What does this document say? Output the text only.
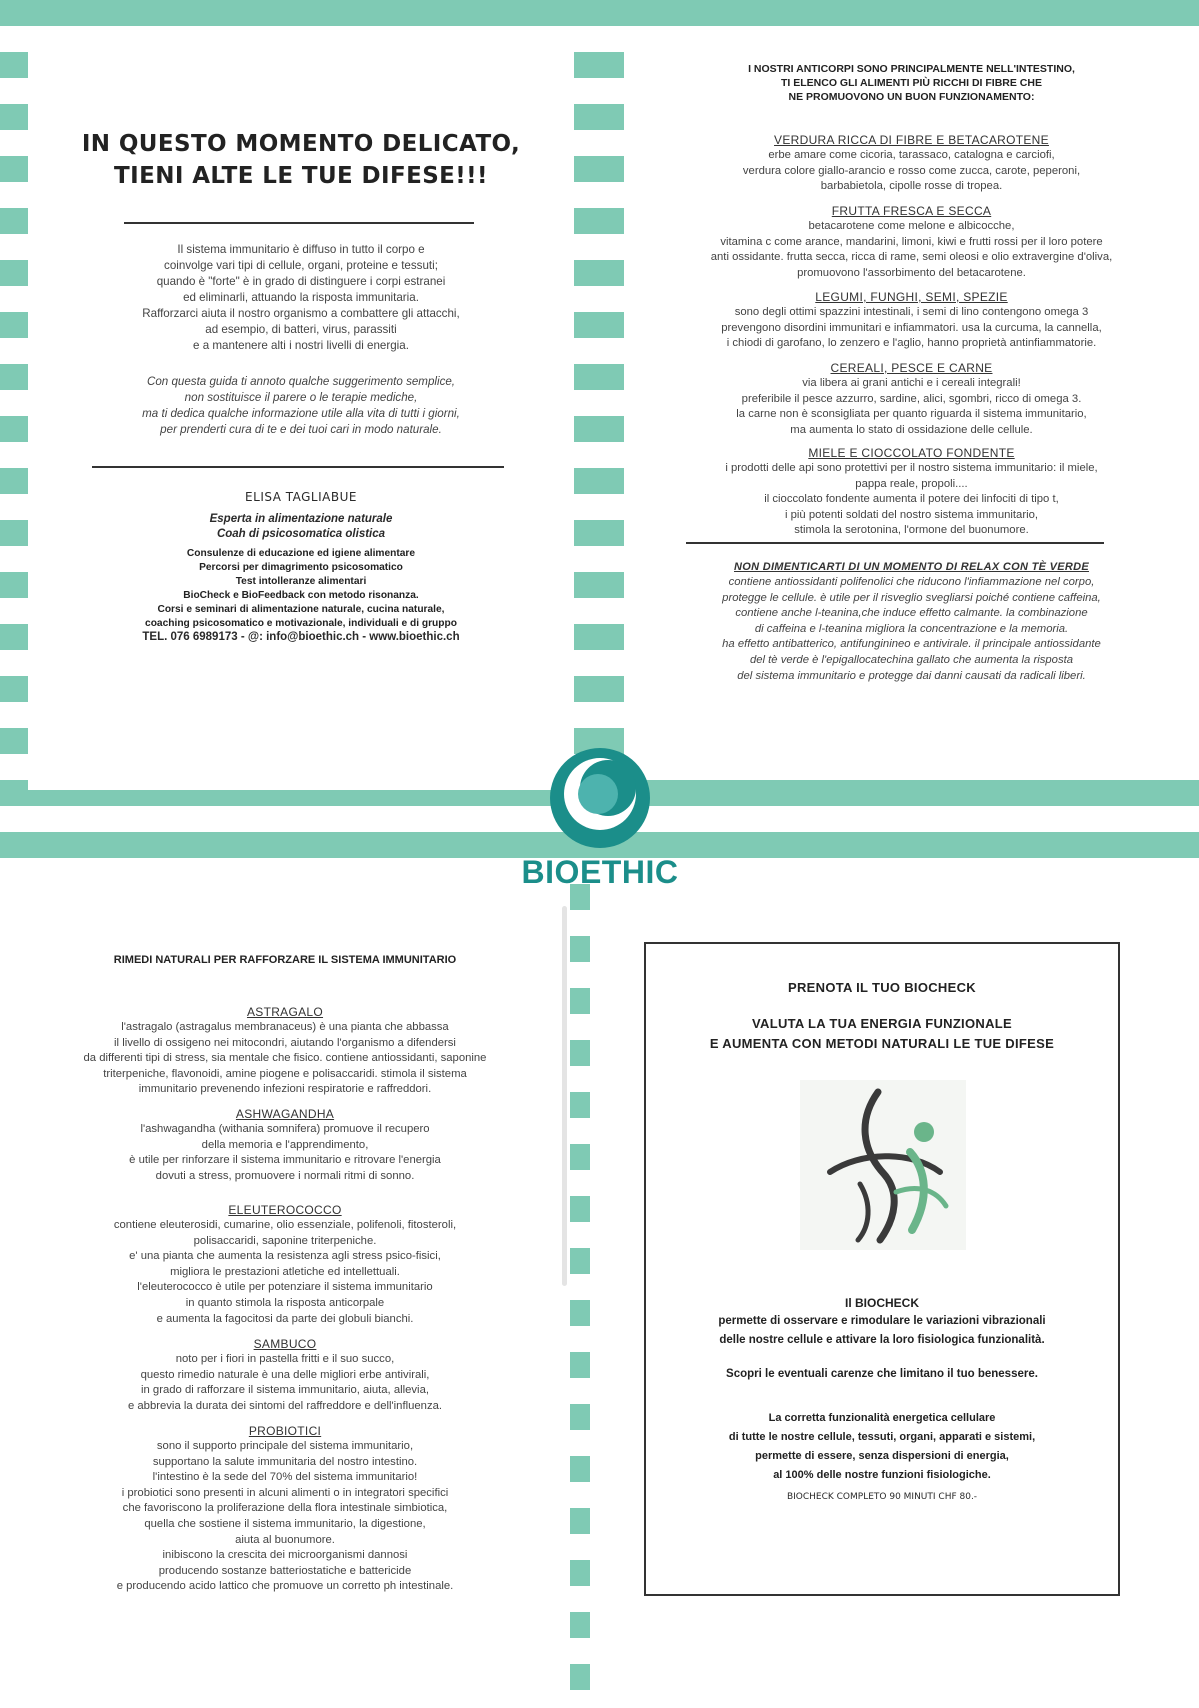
IN QUESTO MOMENTO DELICATO,
TIENI ALTE LE TUE DIFESE!!!
Il sistema immunitario è diffuso in tutto il corpo e
coinvolge vari tipi di cellule, organi, proteine e tessuti;
quando è "forte" è in grado di distinguere i corpi estranei
ed eliminarli, attuando la risposta immunitaria.
Rafforzarci aiuta il nostro organismo a combattere gli attacchi,
ad esempio, di batteri, virus, parassiti
e a mantenere alti i nostri livelli di energia.
Con questa guida ti annoto qualche suggerimento semplice,
non sostituisce il parere o le terapie mediche,
ma ti dedica qualche informazione utile alla vita di tutti i giorni,
per prenderti cura di te e dei tuoi cari in modo naturale.
ELISA TAGLIABUE
Esperta in alimentazione naturale
Coah di psicosomatica olistica
Consulenze di educazione ed igiene alimentare
Percorsi per dimagrimento psicosomatico
Test intolleranze alimentari
BioCheck e BioFeedback con metodo risonanza.
Corsi e seminari di alimentazione naturale, cucina naturale,
coaching psicosomatico e motivazionale, individuali e di gruppo
TEL. 076 6989173 - @: info@bioethic.ch - www.bioethic.ch
I NOSTRI ANTICORPI SONO PRINCIPALMENTE NELL'INTESTINO,
TI ELENCO GLI ALIMENTI PIÙ RICCHI DI FIBRE CHE
NE PROMUOVONO UN BUON FUNZIONAMENTO:
VERDURA RICCA DI FIBRE E BETACAROTENE
erbe amare come cicoria, tarassaco, catalogna e carciofi,
verdura colore giallo-arancio e rosso come zucca, carote, peperoni,
barbabietola, cipolle rosse di tropea.
FRUTTA FRESCA E SECCA
betacarotene come melone e albicocche,
vitamina c come arance, mandarini, limoni, kiwi e frutti rossi per il loro potere
anti ossidante. frutta secca, ricca di rame, semi oleosi e olio extravergine d'oliva,
promuovono l'assorbimento del betacarotene.
LEGUMI, FUNGHI, SEMI, SPEZIE
sono degli ottimi spazzini intestinali, i semi di lino contengono omega 3
prevengono disordini immunitari e infiammatori. usa la curcuma, la cannella,
i chiodi di garofano, lo zenzero e l'aglio, hanno proprietà antinfiammatorie.
CEREALI, PESCE E CARNE
via libera ai grani antichi e i cereali integrali!
preferibile il pesce azzurro, sardine, alici, sgombri, ricco di omega 3.
la carne non è sconsigliata per quanto riguarda il sistema immunitario,
ma aumenta lo stato di ossidazione delle cellule.
MIELE E CIOCCOLATO FONDENTE
i prodotti delle api sono protettivi per il nostro sistema immunitario: il miele,
pappa reale, propoli....
il cioccolato fondente aumenta il potere dei linfociti di tipo t,
i più potenti soldati del nostro sistema immunitario,
stimola la serotonina, l'ormone del buonumore.
NON DIMENTICARTI DI UN MOMENTO DI RELAX CON TÈ VERDE
contiene antiossidanti polifenolici che riducono l'infiammazione nel corpo,
protegge le cellule. è utile per il risveglio svegliarsi poiché contiene caffeina,
contiene anche l-teanina,che induce effetto calmante. la combinazione
di caffeina e l-teanina migliora la concentrazione e la memoria.
ha effetto antibatterico, antifunginineo e antivirale. il principale antiossidante
del tè verde è l'epigallocatechina gallato che aumenta la risposta
del sistema immunitario e protegge dai danni causati da radicali liberi.
RIMEDI NATURALI PER RAFFORZARE IL SISTEMA IMMUNITARIO
ASTRAGALO
l'astragalo (astragalus membranaceus) è una pianta che abbassa
il livello di ossigeno nei mitocondri, aiutando l'organismo a difendersi
da differenti tipi di stress, sia mentale che fisico. contiene antiossidanti, saponine
triterpeniche, flavonoidi, amine piogene e polisaccaridi. stimola il sistema
immunitario prevenendo infezioni respiratorie e raffreddori.
ASHWAGANDHA
l'ashwagandha (withania somnifera) promuove il recupero
della memoria e l'apprendimento,
è utile per rinforzare il sistema immunitario e ritrovare l'energia
dovuti a stress, promuovere i normali ritmi di sonno.
ELEUTEROCOCCO
contiene eleuterosidi, cumarine, olio essenziale, polifenoli, fitosteroli,
polisaccaridi, saponine triterpeniche.
e' una pianta che aumenta la resistenza agli stress psico-fisici,
migliora le prestazioni atletiche ed intellettuali.
l'eleuterococco è utile per potenziare il sistema immunitario
in quanto stimola la risposta anticorpale
e aumenta la fagocitosi da parte dei globuli bianchi.
SAMBUCO
noto per i fiori in pastella fritti e il suo succo,
questo rimedio naturale è una delle migliori erbe antivirali,
in grado di rafforzare il sistema immunitario, aiuta, allevia,
e abbrevia la durata dei sintomi del raffreddore e dell'influenza.
PROBIOTICI
sono il supporto principale del sistema immunitario,
supportano la salute immunitaria del nostro intestino.
l'intestino è la sede del 70% del sistema immunitario!
i probiotici sono presenti in alcuni alimenti o in integratori specifici
che favoriscono la proliferazione della flora intestinale simbiotica,
quella che sostiene il sistema immunitario, la digestione,
aiuta al buonumore.
inibiscono la crescita dei microorganismi dannosi
producendo sostanze batteriostatiche e battericide
e producendo acido lattico che promuove un corretto ph intestinale.
PRENOTA IL TUO BIOCHECK
VALUTA LA TUA ENERGIA FUNZIONALE
E AUMENTA CON METODI NATURALI LE TUE DIFESE
Il BIOCHECK
permette di osservare e rimodulare le variazioni vibrazionali
delle nostre cellule e attivare la loro fisiologica funzionalità.
Scopri le eventuali carenze che limitano il tuo benessere.
La corretta funzionalità energetica cellulare
di tutte le nostre cellule, tessuti, organi, apparati e sistemi,
permette di essere, senza dispersioni di energia,
al 100% delle nostre funzioni fisiologiche.
BIOCHECK COMPLETO 90 MINUTI CHF 80.-
BIOETHIC
